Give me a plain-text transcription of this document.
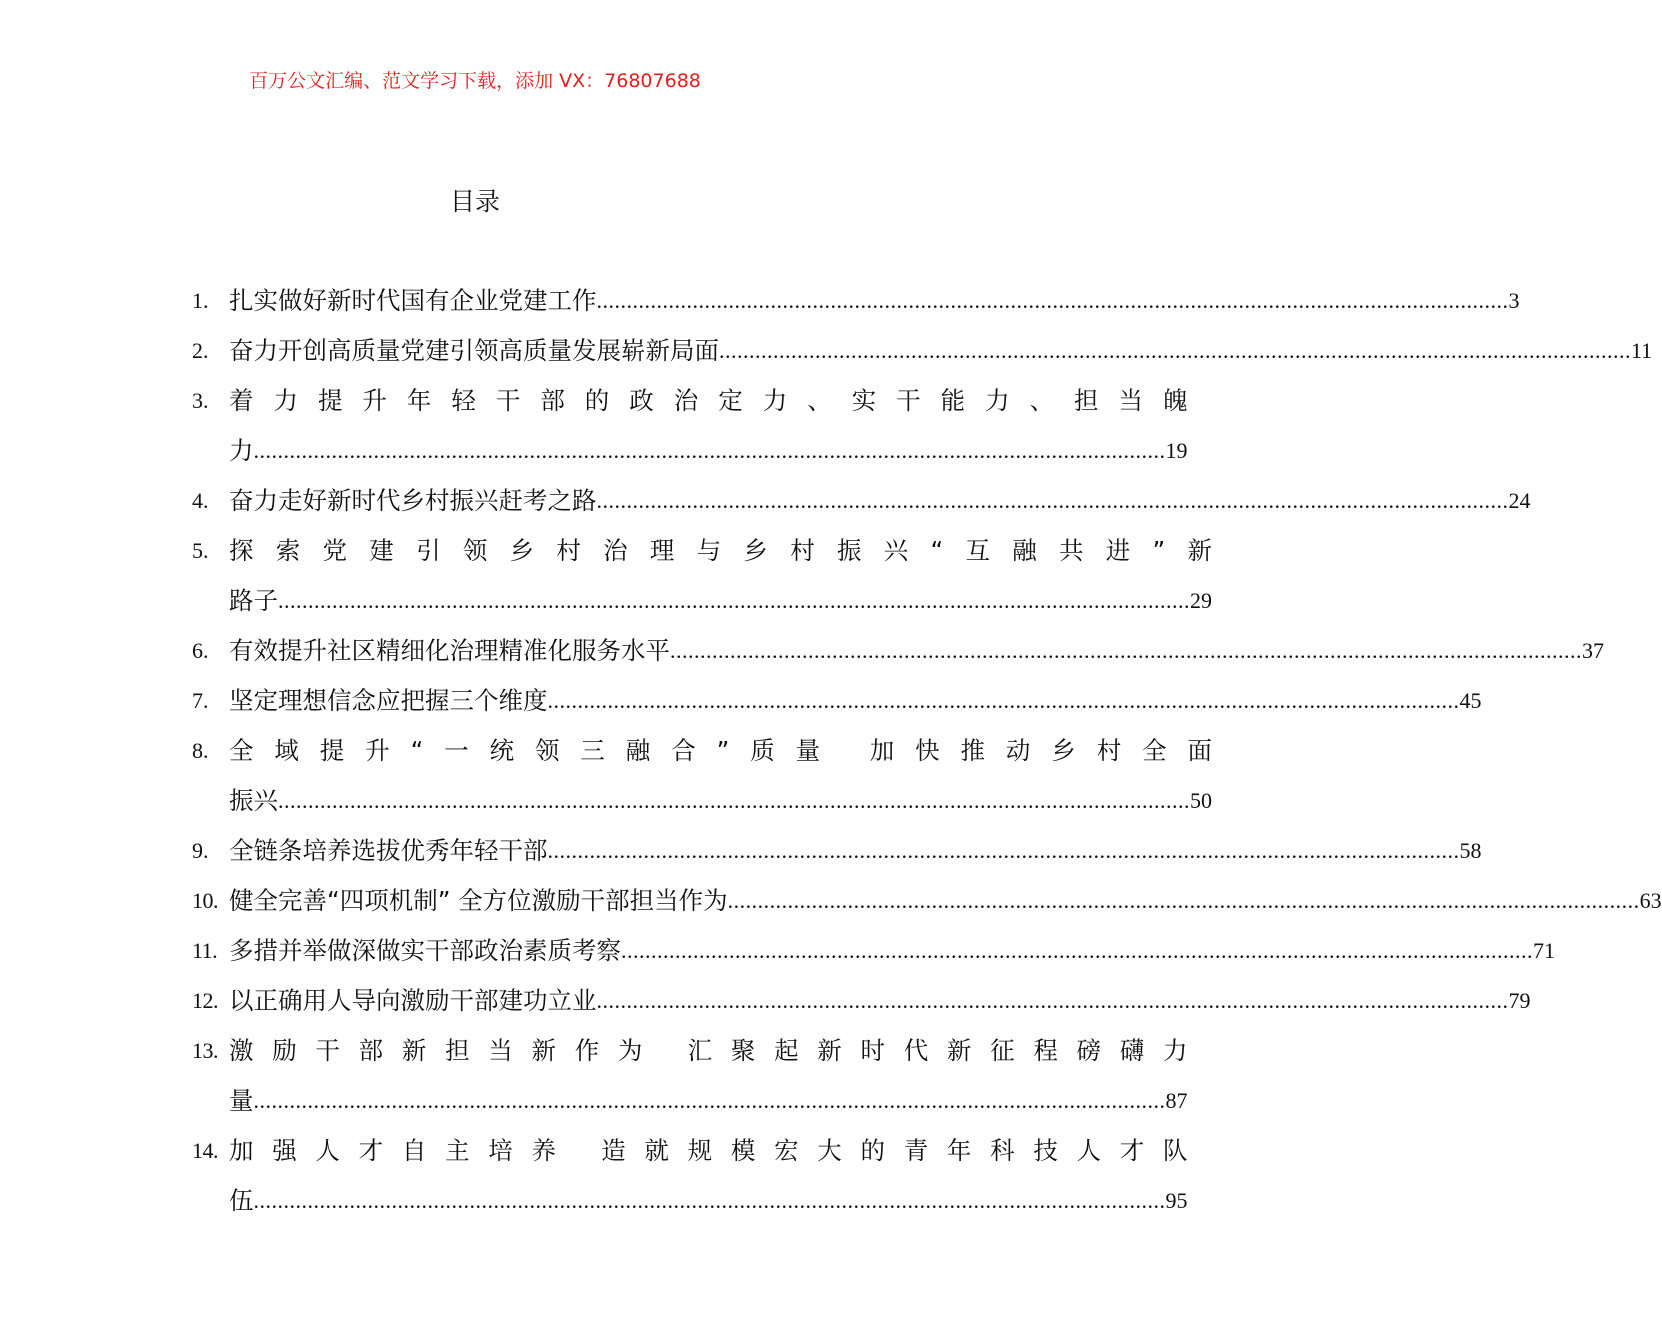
百万公文汇编、范文学习下载，添加 VX：76807688
目录
1. 扎实做好新时代国有企业党建工作 .....	3
2. 奋力开创高质量党建引领高质量发展崭新局面 .....	11
3. 着力提升年轻干部的政治定力、实干能力、担当魄
力 .....	19
4. 奋力走好新时代乡村振兴赶考之路 .....	24
5. 探索党建引领乡村治理与乡村振兴“互融共进”新
路子 .....	29
6. 有效提升社区精细化治理精准化服务水平 .....	37
7. 坚定理想信念应把握三个维度 .....	45
8. 全域提升“一统领三融合”质量 加快推动乡村全面
振兴 .....	50
9. 全链条培养选拔优秀年轻干部 .....	58
10. 健全完善“四项机制” 全方位激励干部担当作为 .....	63
11. 多措并举做深做实干部政治素质考察 .....	71
12. 以正确用人导向激励干部建功立业 .....	79
13. 激励干部新担当新作为 汇聚起新时代新征程磅礴力
量 .....	87
14. 加强人才自主培养 造就规模宏大的青年科技人才队
伍 .....	95
